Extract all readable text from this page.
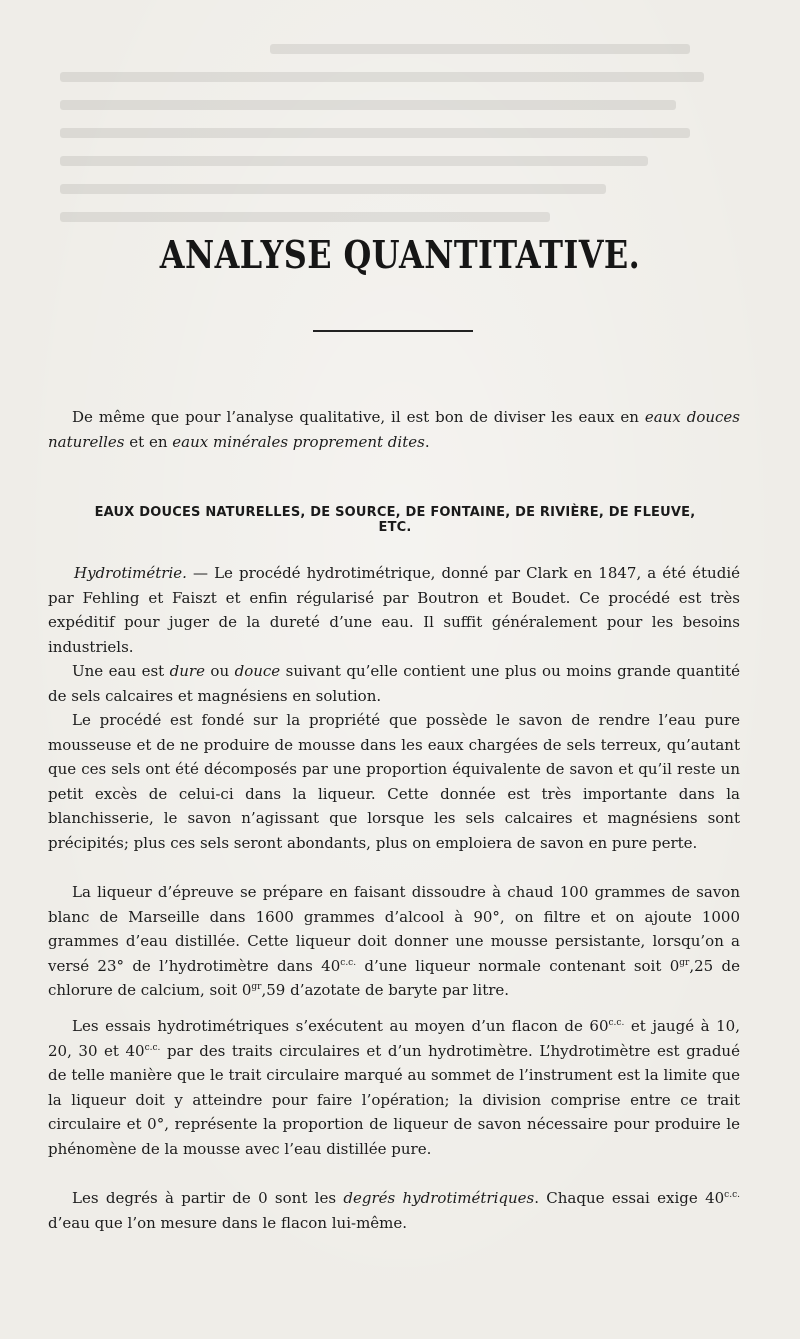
ANALYSE QUANTITATIVE.
De même que pour l’analyse qualitative, il est bon de diviser les eaux en eaux douces naturelles et en eaux minérales proprement dites.
EAUX DOUCES NATURELLES, DE SOURCE, DE FONTAINE, DE RIVIÈRE, DE FLEUVE, ETC.
Hydrotimétrie. — Le procédé hydrotimétrique, donné par Clark en 1847, a été étudié par Fehling et Faiszt et enfin régularisé par Boutron et Boudet. Ce procédé est très expéditif pour juger de la dureté d’une eau. Il suffit généralement pour les besoins industriels.
Une eau est dure ou douce suivant qu’elle contient une plus ou moins grande quantité de sels calcaires et magnésiens en solution.
Le procédé est fondé sur la propriété que possède le savon de rendre l’eau pure mousseuse et de ne produire de mousse dans les eaux chargées de sels terreux, qu’autant que ces sels ont été décomposés par une proportion équivalente de savon et qu’il reste un petit excès de celui-ci dans la liqueur. Cette donnée est très importante dans la blanchisserie, le savon n’agissant que lorsque les sels calcaires et magnésiens sont précipités; plus ces sels seront abondants, plus on emploiera de savon en pure perte.
La liqueur d’épreuve se prépare en faisant dissoudre à chaud 100 grammes de savon blanc de Marseille dans 1600 grammes d’alcool à 90°, on filtre et on ajoute 1000 grammes d’eau distillée. Cette liqueur doit donner une mousse persistante, lorsqu’on a versé 23° de l’hydrotimètre dans $40^{c.c.}$ d’une liqueur normale contenant soit $0^{gr},25$ de chlorure de calcium, soit $0^{gr},59$ d’azotate de baryte par litre.
Les essais hydrotimétriques s’exécutent au moyen d’un flacon de $60^{c.c.}$ et jaugé à 10, 20, 30 et $40^{c.c.}$ par des traits circulaires et d’un hydrotimètre. L’hydrotimètre est gradué de telle manière que le trait circulaire marqué au sommet de l’instrument est la limite que la liqueur doit y atteindre pour faire l’opération; la division comprise entre ce trait circulaire et 0°, représente la proportion de liqueur de savon nécessaire pour produire le phénomène de la mousse avec l’eau distillée pure.
Les degrés à partir de 0 sont les degrés hydrotimétriques. Chaque essai exige $40^{c.c.}$ d’eau que l’on mesure dans le flacon lui-même.
